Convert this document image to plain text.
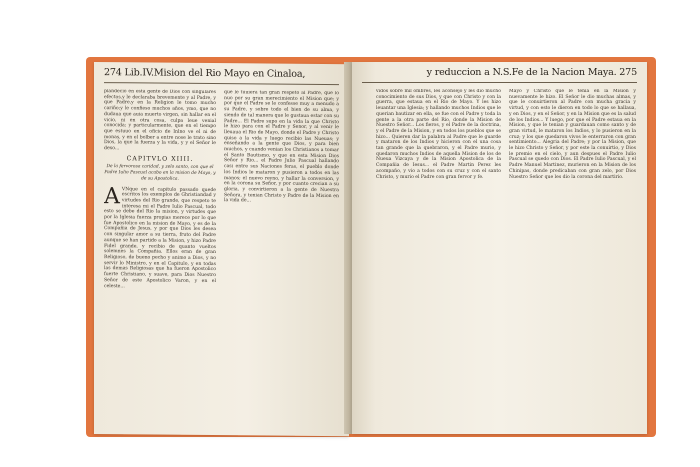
274 Lib.IV.Mision del Rio Mayo en Cinaloa,

plandecio en esta gente de Dios con singulares efectos,y le declaraba brevemente y al Padre, y que Padre,y en la Religion le tomo mucho cariño;y le confieso muchos años, ymo, que no dudaua que auia muerto virgen, sin hallar en el vicio, ni en otra cosa, culpa leue venial conocida; y particularmente, que en el tiempo que estuuo en el oficio de Inlno ve el ni de monas, y en el bolber a entre nose le trato sino Dios, la que la fuerza y la vida, y y el Señor le dexo...

CAPITVLO XIIII.
De la fervorosa caridad, y zelo santo, con que el Padre Iulio Pascual acabo en la mision de Mayo, y de su Apostolica.

A VNque en el capitulo passado quede escritos los exemplos de Ghristiandad y virtudes del Rio grande, que respeto te interesa mi el Padre Iulio Pascual, todo esto se debe del Rio la mision, y virtudes que por la Iglesia fuerza propias merece por lo que fue Apostolico en la mision de Mayo, y es de la Compañia de Jesus, y por que Dios les desea con singular amor a su tierra, fruto del Padre aunque se han partido a la Mision, y hizo Padre Fidel grande, y recibio de quanto vueltos solemnes la Compañia. Ellos eran de gran Religioso, de bueno pecho y animo a Dios, y no servir lo Ministro, y en el Capitulo, y en todas las demas Religiosas que ha fueron Apostolico fuerte Christiano, y suave, para Dios Nuestro Señor de este Apostolico Varon, y en el celeste...

que le tuuiera tan gran respeto al Padre, que lo nuo por su gran merecimiento el Mision que; y por que el Padre se le confesse muy a menudo a su Padre, y sobre todo el bien de su alma, y siendo de tal manera que le gustaua estar con su Padre... El Padre supo en la vida la que Christo le hizo para con el Padre y Senor, y al venir le lleuaua el Rio de Mayo, donde el Padre y Christo quiso a la vida y luego recibio las Nueuas; y enseñando a la gente que Dios, y para bien muchos, y cuando venian los Christianos a tomar el Santo Bautismo, y que en esta Mision Dios Señor y Rio... el Padre Julio Pascual hallando casi entre sus Naciones feras, el pueblo donde los Indios le mataron y pusieron a todos en las manos; el nuevo reyno, y hallar la conversion, y en la corona su Señor, y por cuanto crecian a su gloria, y convirtieron a la gente de Nuestra Señora, y tenian Christo y Padre de la Mision en la vida de...

y reduccion a N.S.Fe de la Nacion Maya. 275

vidos sobre mil ombres, les aconsejo y les dio mucho conocimiento de sus Dios, y que con Christo y con la guerra, que estaua en el Rio de Mayo. Y les hizo leuantar una Iglesia; y hallando muchos Indios que le querian bautizar en ella, se fue con el Padre y toda la gente a la otra parte del Rio, donde la Mision de Nuestro Señor... Los fieros, y el Padre de la doctrina, y el Padre de la Mision, y en todos los pueblos que se hizo... Quieren dar la palabra al Padre que le guarde y mataron de los Indios y hicieron con el una cosa tan grande que la quebraron, y el Padre murio, y quedaron muchos Indios de aquella Mision de los de Nueua Vizcaya y de la Mision Apostolica de la Compañia de Iesus... el Padre Martin Perez les acompaño, y vio a todos con su cruz y con el santo Christo, y murio el Padre con gran fervor y fe.

Mayo y Christo que le tenia en la Mision y nuevamente le hizo. El Señor le dio muchas almas, y que le conuirtieron al Padre con mucha gracia y virtud, y con esto le dieron en todo lo que se hallaua, y en Dios, y en el Señor, y en la Mision que es la salud de los Indios... Y luego, por que el Padre estaua en la Mision, y que le tenian y guardauan como santo y de gran virtud, le mataron los Indios, y lo pusieron en la cruz; y los que quedaron vivos le enterraron con gran sentimiento... Alegria del Padre; y por la Mision, que le hizo Christo y Señor, y por este la conuirtio, y Dios le premio en el cielo, y aun despues el Padre Iulio Pascual se quedo con Dios. El Padre Iulio Pascual, y el Padre Manuel Martinez, murieron en la Mision de los Chinipas, donde predicaban con gran zelo, por Dios Nuestro Señor que les dio la corona del martirio.
